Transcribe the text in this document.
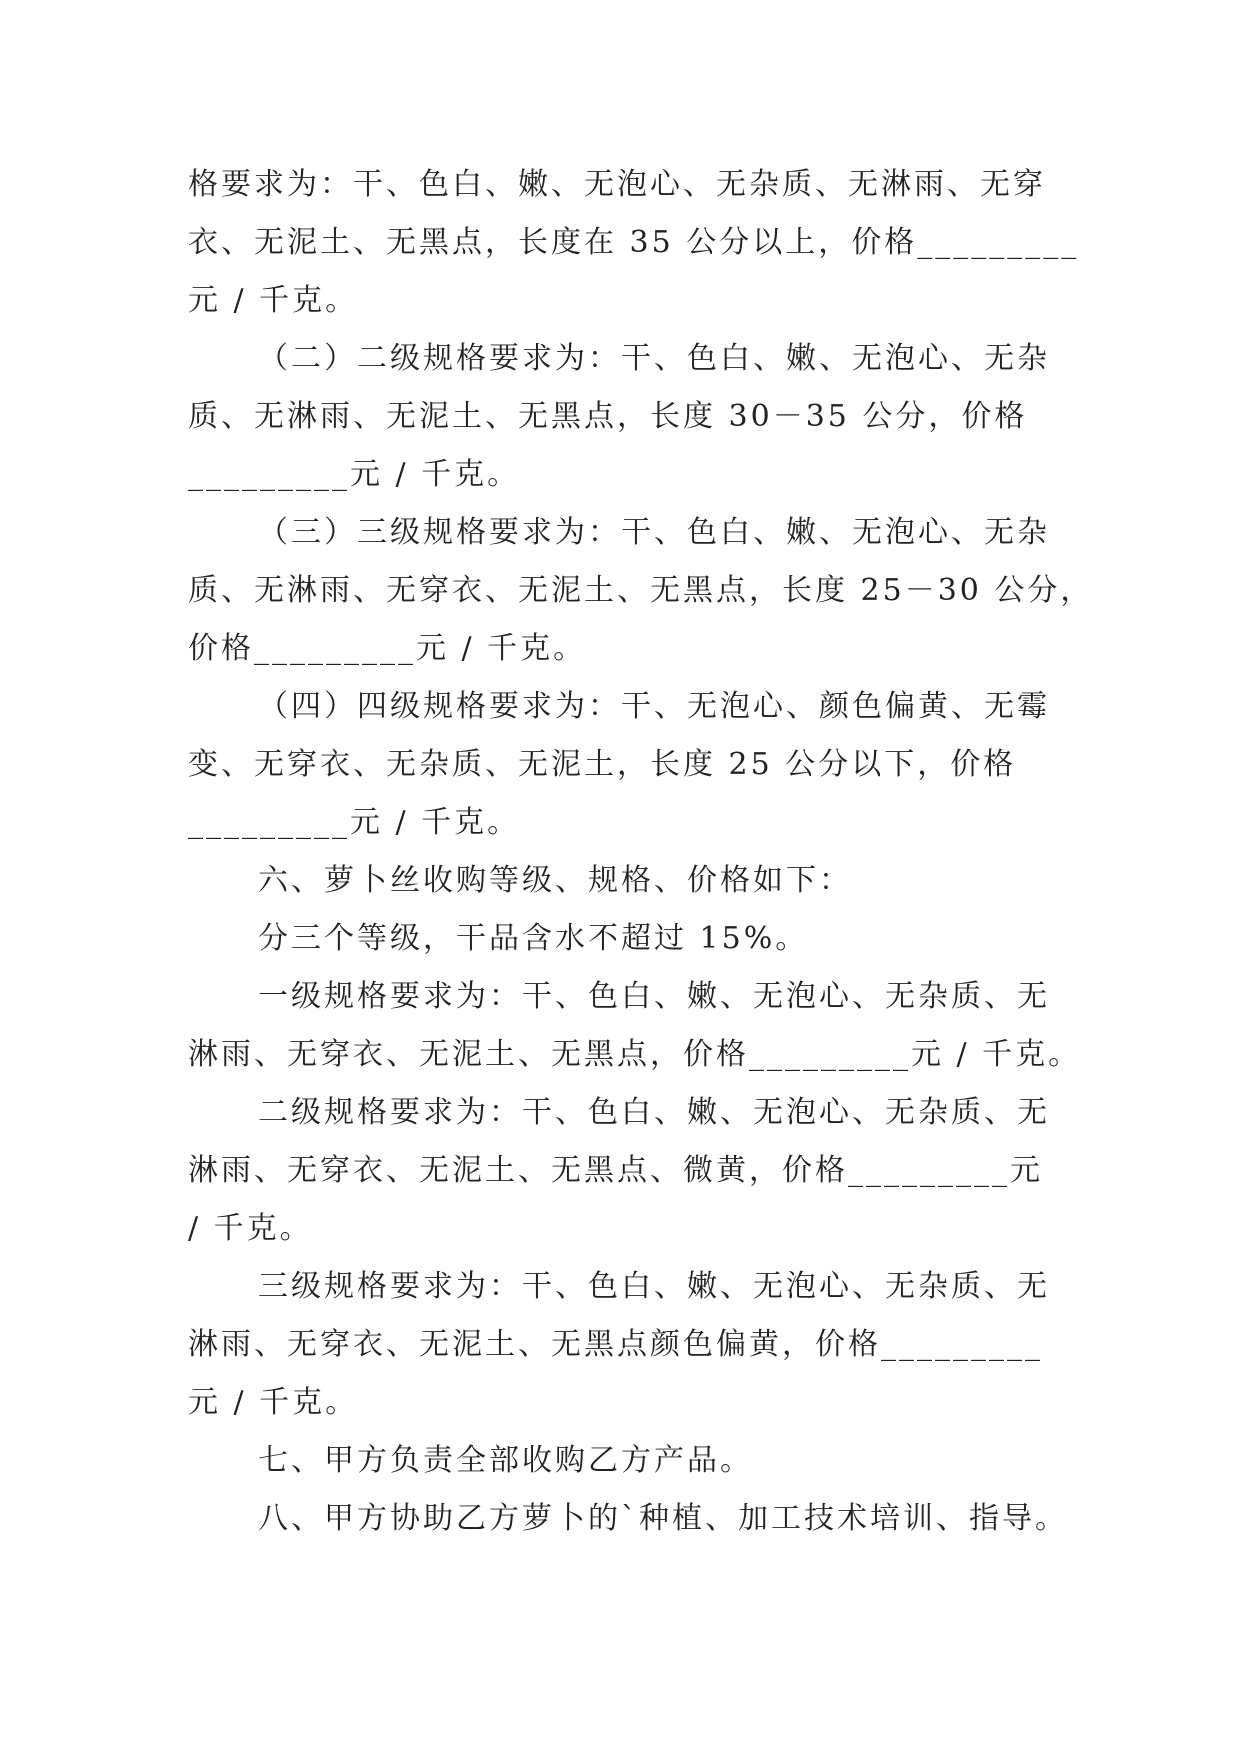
格要求为：干、色白、嫩、无泡心、无杂质、无淋雨、无穿
衣、无泥土、无黑点，长度在 35 公分以上，价格_________
元 / 千克。
（二）二级规格要求为：干、色白、嫩、无泡心、无杂
质、无淋雨、无泥土、无黑点，长度 30－35 公分，价格
_________元 / 千克。
（三）三级规格要求为：干、色白、嫩、无泡心、无杂
质、无淋雨、无穿衣、无泥土、无黑点，长度 25－30 公分，
价格_________元 / 千克。
（四）四级规格要求为：干、无泡心、颜色偏黄、无霉
变、无穿衣、无杂质、无泥土，长度 25 公分以下，价格
_________元 / 千克。
六、萝卜丝收购等级、规格、价格如下：
分三个等级，干品含水不超过 15%。
一级规格要求为：干、色白、嫩、无泡心、无杂质、无
淋雨、无穿衣、无泥土、无黑点，价格_________元 / 千克。
二级规格要求为：干、色白、嫩、无泡心、无杂质、无
淋雨、无穿衣、无泥土、无黑点、微黄，价格_________元
/ 千克。
三级规格要求为：干、色白、嫩、无泡心、无杂质、无
淋雨、无穿衣、无泥土、无黑点颜色偏黄，价格_________
元 / 千克。
七、甲方负责全部收购乙方产品。
八、甲方协助乙方萝卜的`种植、加工技术培训、指导。
